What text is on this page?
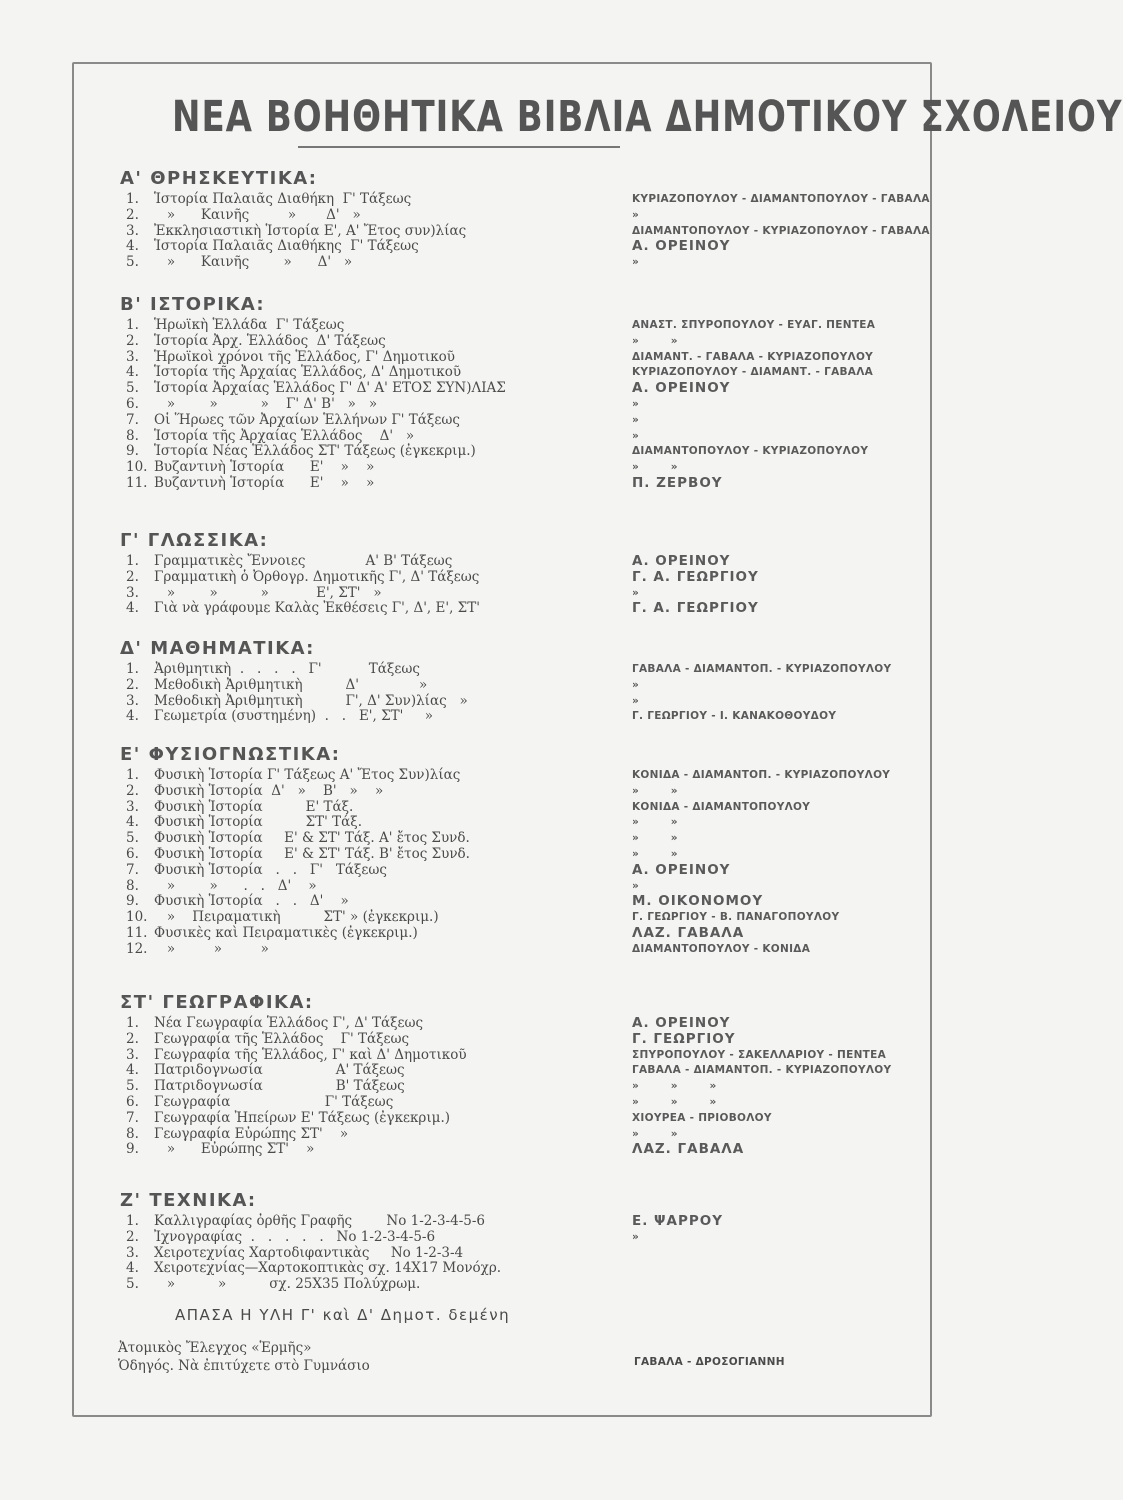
ΝΕΑ ΒΟΗΘΗΤΙΚΑ ΒΙΒΛΙΑ ΔΗΜΟΤΙΚΟΥ ΣΧΟΛΕΙΟΥ
Α' ΘΡΗΣΚΕΥΤΙΚΑ:
1.	Ἱστορία Παλαιᾶς Διαθήκη  Γ' Τάξεως	ΚΥΡΙΑΖΟΠΟΥΛΟΥ - ΔΙΑΜΑΝΤΟΠΟΥΛΟΥ - ΓΑΒΑΛΑ
2.	»      Καινῆς         »       Δ'   »	»
3.	Ἐκκλησιαστικὴ Ἱστορία Ε', Α' Ἔτος συν)λίας	ΔΙΑΜΑΝΤΟΠΟΥΛΟΥ - ΚΥΡΙΑΖΟΠΟΥΛΟΥ - ΓΑΒΑΛΑ
4.	Ἱστορία Παλαιᾶς Διαθήκης  Γ' Τάξεως	Α. ΟΡΕΙΝΟΥ
5.	»      Καινῆς        »      Δ'   »	»
Β' ΙΣΤΟΡΙΚΑ:
1.	Ἡρωϊκὴ Ἑλλάδα  Γ' Τάξεως	ΑΝΑΣΤ. ΣΠΥΡΟΠΟΥΛΟΥ - ΕΥΑΓ. ΠΕΝΤΕΑ
2.	Ἱστορία Ἀρχ. Ἑλλάδος  Δ' Τάξεως	»        »
3.	Ἡρωϊκοὶ χρόνοι τῆς Ἑλλάδος, Γ' Δημοτικοῦ	ΔΙΑΜΑΝΤ. - ΓΑΒΑΛΑ - ΚΥΡΙΑΖΟΠΟΥΛΟΥ
4.	Ἱστορία τῆς Ἀρχαίας Ἑλλάδος, Δ' Δημοτικοῦ	ΚΥΡΙΑΖΟΠΟΥΛΟΥ - ΔΙΑΜΑΝΤ. - ΓΑΒΑΛΑ
5.	Ἱστορία Ἀρχαίας Ἑλλάδος Γ' Δ' Α' ΕΤΟΣ ΣΥΝ)ΛΙΑΣ	Α. ΟΡΕΙΝΟΥ
6.	»        »          »    Γ' Δ' Β'   »   »	»
7.	Οἱ Ἥρωες τῶν Ἀρχαίων Ἑλλήνων Γ' Τάξεως	»
8.	Ἱστορία τῆς Ἀρχαίας Ἑλλάδος    Δ'   »	»
9.	Ἱστορία Νέας Ἑλλάδος ΣΤ' Τάξεως (ἐγκεκριμ.)	ΔΙΑΜΑΝΤΟΠΟΥΛΟΥ - ΚΥΡΙΑΖΟΠΟΥΛΟΥ
10. Βυζαντινὴ Ἱστορία      Ε'    »    »	»        »
11. Βυζαντινὴ Ἱστορία      Ε'    »    »	Π. ΖΕΡΒΟΥ
Γ' ΓΛΩΣΣΙΚΑ:
1.	Γραμματικὲς Ἔννοιες              Α' Β' Τάξεως	Α. ΟΡΕΙΝΟΥ
2.	Γραμματικὴ ὁ Ὀρθογρ. Δημοτικῆς Γ', Δ' Τάξεως	Γ. Α. ΓΕΩΡΓΙΟΥ
3.	»        »          »           Ε', ΣΤ'   »	»
4.	Γιὰ νὰ γράφουμε Καλὰς Ἐκθέσεις Γ', Δ', Ε', ΣΤ'	Γ. Α. ΓΕΩΡΓΙΟΥ
Δ' ΜΑΘΗΜΑΤΙΚΑ:
1.	Ἀριθμητικὴ  .   .   .   .   Γ'           Τάξεως	ΓΑΒΑΛΑ - ΔΙΑΜΑΝΤΟΠ. - ΚΥΡΙΑΖΟΠΟΥΛΟΥ
2.	Μεθοδικὴ Ἀριθμητικὴ          Δ'              »	»
3.	Μεθοδικὴ Ἀριθμητικὴ          Γ', Δ' Συν)λίας   »	»
4.	Γεωμετρία (συστημένη)  .   .   Ε', ΣΤ'     »	Γ. ΓΕΩΡΓΙΟΥ - Ι. ΚΑΝΑΚΟΘΟΥΔΟΥ
Ε' ΦΥΣΙΟΓΝΩΣΤΙΚΑ:
1.	Φυσικὴ Ἱστορία Γ' Τάξεως Α' Ἔτος Συν)λίας	ΚΟΝΙΔΑ - ΔΙΑΜΑΝΤΟΠ. - ΚΥΡΙΑΖΟΠΟΥΛΟΥ
2.	Φυσικὴ Ἱστορία  Δ'   »    Β'   »    »	»        »
3.	Φυσικὴ Ἱστορία          Ε' Τάξ.	ΚΟΝΙΔΑ - ΔΙΑΜΑΝΤΟΠΟΥΛΟΥ
4.	Φυσικὴ Ἱστορία          ΣΤ' Τάξ.	»        »
5.	Φυσικὴ Ἱστορία     Ε' & ΣΤ' Τάξ. Α' ἔτος Συνδ.	»        »
6.	Φυσικὴ Ἱστορία     Ε' & ΣΤ' Τάξ. Β' ἔτος Συνδ.	»        »
7.	Φυσικὴ Ἱστορία   .   .   Γ'   Τάξεως	Α. ΟΡΕΙΝΟΥ
8.	»        »      .   .   Δ'    »	»
9.	Φυσικὴ Ἱστορία   .   .   Δ'    »	Μ. ΟΙΚΟΝΟΜΟΥ
10. »    Πειραματικὴ          ΣΤ' » (ἐγκεκριμ.)	Γ. ΓΕΩΡΓΙΟΥ - Β. ΠΑΝΑΓΟΠΟΥΛΟΥ
11. Φυσικὲς καὶ Πειραματικὲς (ἐγκεκριμ.)	ΛΑΖ. ΓΑΒΑΛΑ
12. »         »         »	ΔΙΑΜΑΝΤΟΠΟΥΛΟΥ - ΚΟΝΙΔΑ
ΣΤ' ΓΕΩΓΡΑΦΙΚΑ:
1.	Νέα Γεωγραφία Ἑλλάδος Γ', Δ' Τάξεως	Α. ΟΡΕΙΝΟΥ
2.	Γεωγραφία τῆς Ἑλλάδος    Γ' Τάξεως	Γ. ΓΕΩΡΓΙΟΥ
3.	Γεωγραφία τῆς Ἑλλάδος, Γ' καὶ Δ' Δημοτικοῦ	ΣΠΥΡΟΠΟΥΛΟΥ - ΣΑΚΕΛΛΑΡΙΟΥ - ΠΕΝΤΕΑ
4.	Πατριδογνωσία                 Α' Τάξεως	ΓΑΒΑΛΑ - ΔΙΑΜΑΝΤΟΠ. - ΚΥΡΙΑΖΟΠΟΥΛΟΥ
5.	Πατριδογνωσία                 Β' Τάξεως	»        »        »
6.	Γεωγραφία                      Γ' Τάξεως	»        »        »
7.	Γεωγραφία Ἠπείρων Ε' Τάξεως (ἐγκεκριμ.)	ΧΙΟΥΡΕΑ - ΠΡΙΟΒΟΛΟΥ
8.	Γεωγραφία Εὐρώπης ΣΤ'    »	»        »
9.	»      Εὐρώπης ΣΤ'    »	ΛΑΖ. ΓΑΒΑΛΑ
Ζ' ΤΕΧΝΙΚΑ:
1.	Καλλιγραφίας ὀρθῆς Γραφῆς        Νο 1-2-3-4-5-6	Ε. ΨΑΡΡΟΥ
2.	Ἰχνογραφίας  .   .   .   .   .   Νο 1-2-3-4-5-6	»
3.	Χειροτεχνίας Χαρτοδιφαντικὰς     Νο 1-2-3-4
4.	Χειροτεχνίας—Χαρτοκοπτικὰς σχ. 14Χ17 Μονόχρ.
5.	»          »          σχ. 25Χ35 Πολύχρωμ.
ΑΠΑΣΑ Η ΥΛΗ Γ' καὶ Δ' Δημοτ. δεμένη
Ἀτομικὸς Ἔλεγχος «Ἑρμῆς»
Ὁδηγός. Νὰ ἐπιτύχετε στὸ Γυμνάσιο	ΓΑΒΑΛΑ - ΔΡΟΣΟΓΙΑΝΝΗ
